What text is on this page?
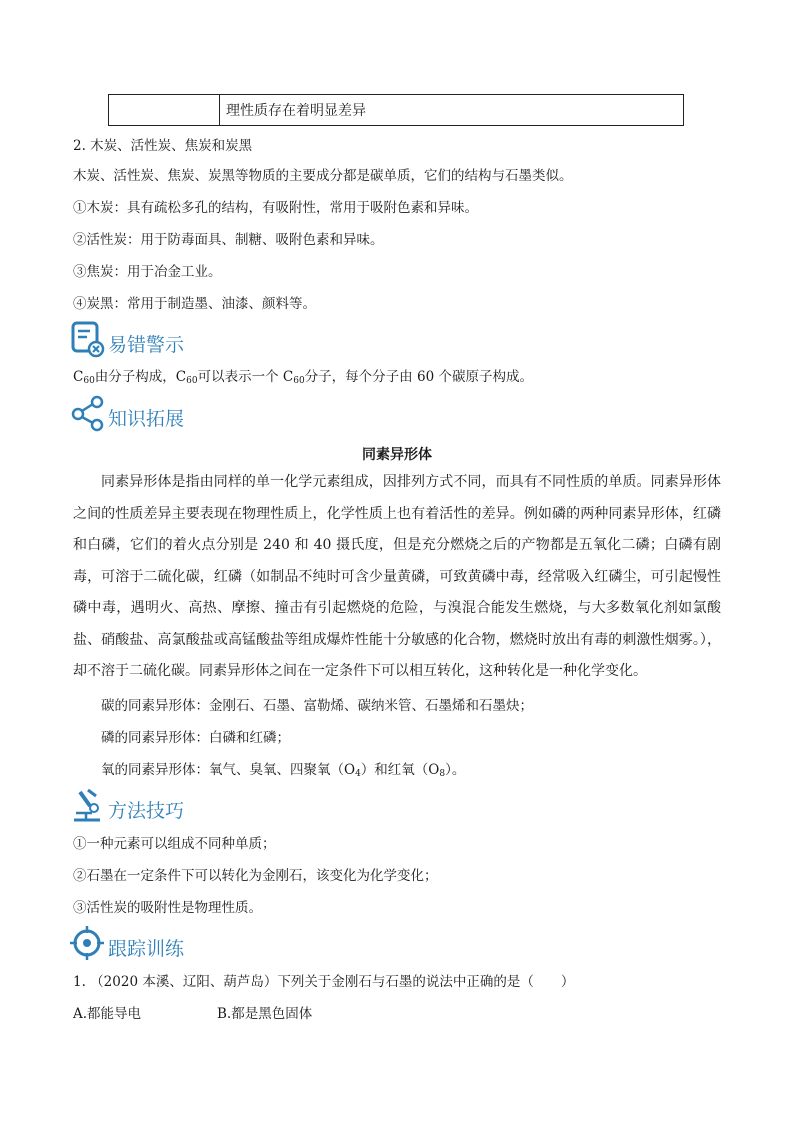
理性质存在着明显差异
2. 木炭、活性炭、焦炭和炭黑
木炭、活性炭、焦炭、炭黑等物质的主要成分都是碳单质，它们的结构与石墨类似。
①木炭：具有疏松多孔的结构，有吸附性，常用于吸附色素和异味。
②活性炭：用于防毒面具、制糖、吸附色素和异味。
③焦炭：用于冶金工业。
④炭黑：常用于制造墨、油漆、颜料等。
易错警示
$C_{60}$由分子构成，$C_{60}$可以表示一个 $C_{60}$分子，每个分子由 60 个碳原子构成。
知识拓展
同素异形体
同素异形体是指由同样的单一化学元素组成，因排列方式不同，而具有不同性质的单质。同素异形体之间的性质差异主要表现在物理性质上，化学性质上也有着活性的差异。例如磷的两种同素异形体，红磷和白磷，它们的着火点分别是 240 和 40 摄氏度，但是充分燃烧之后的产物都是五氧化二磷；白磷有剧毒，可溶于二硫化碳，红磷（如制品不纯时可含少量黄磷，可致黄磷中毒，经常吸入红磷尘，可引起慢性磷中毒，遇明火、高热、摩擦、撞击有引起燃烧的危险，与溴混合能发生燃烧，与大多数氧化剂如氯酸盐、硝酸盐、高氯酸盐或高锰酸盐等组成爆炸性能十分敏感的化合物，燃烧时放出有毒的刺激性烟雾。），却不溶于二硫化碳。同素异形体之间在一定条件下可以相互转化，这种转化是一种化学变化。
碳的同素异形体：金刚石、石墨、富勒烯、碳纳米管、石墨烯和石墨炔；
磷的同素异形体：白磷和红磷；
氧的同素异形体：氧气、臭氧、四聚氧$(O_4)$和红氧$(O_8)$。
方法技巧
①一种元素可以组成不同种单质；
②石墨在一定条件下可以转化为金刚石，该变化为化学变化；
③活性炭的吸附性是物理性质。
跟踪训练
1. （2020 本溪、辽阳、葫芦岛）下列关于金刚石与石墨的说法中正确的是（　　）
A.都能导电	B.都是黑色固体
